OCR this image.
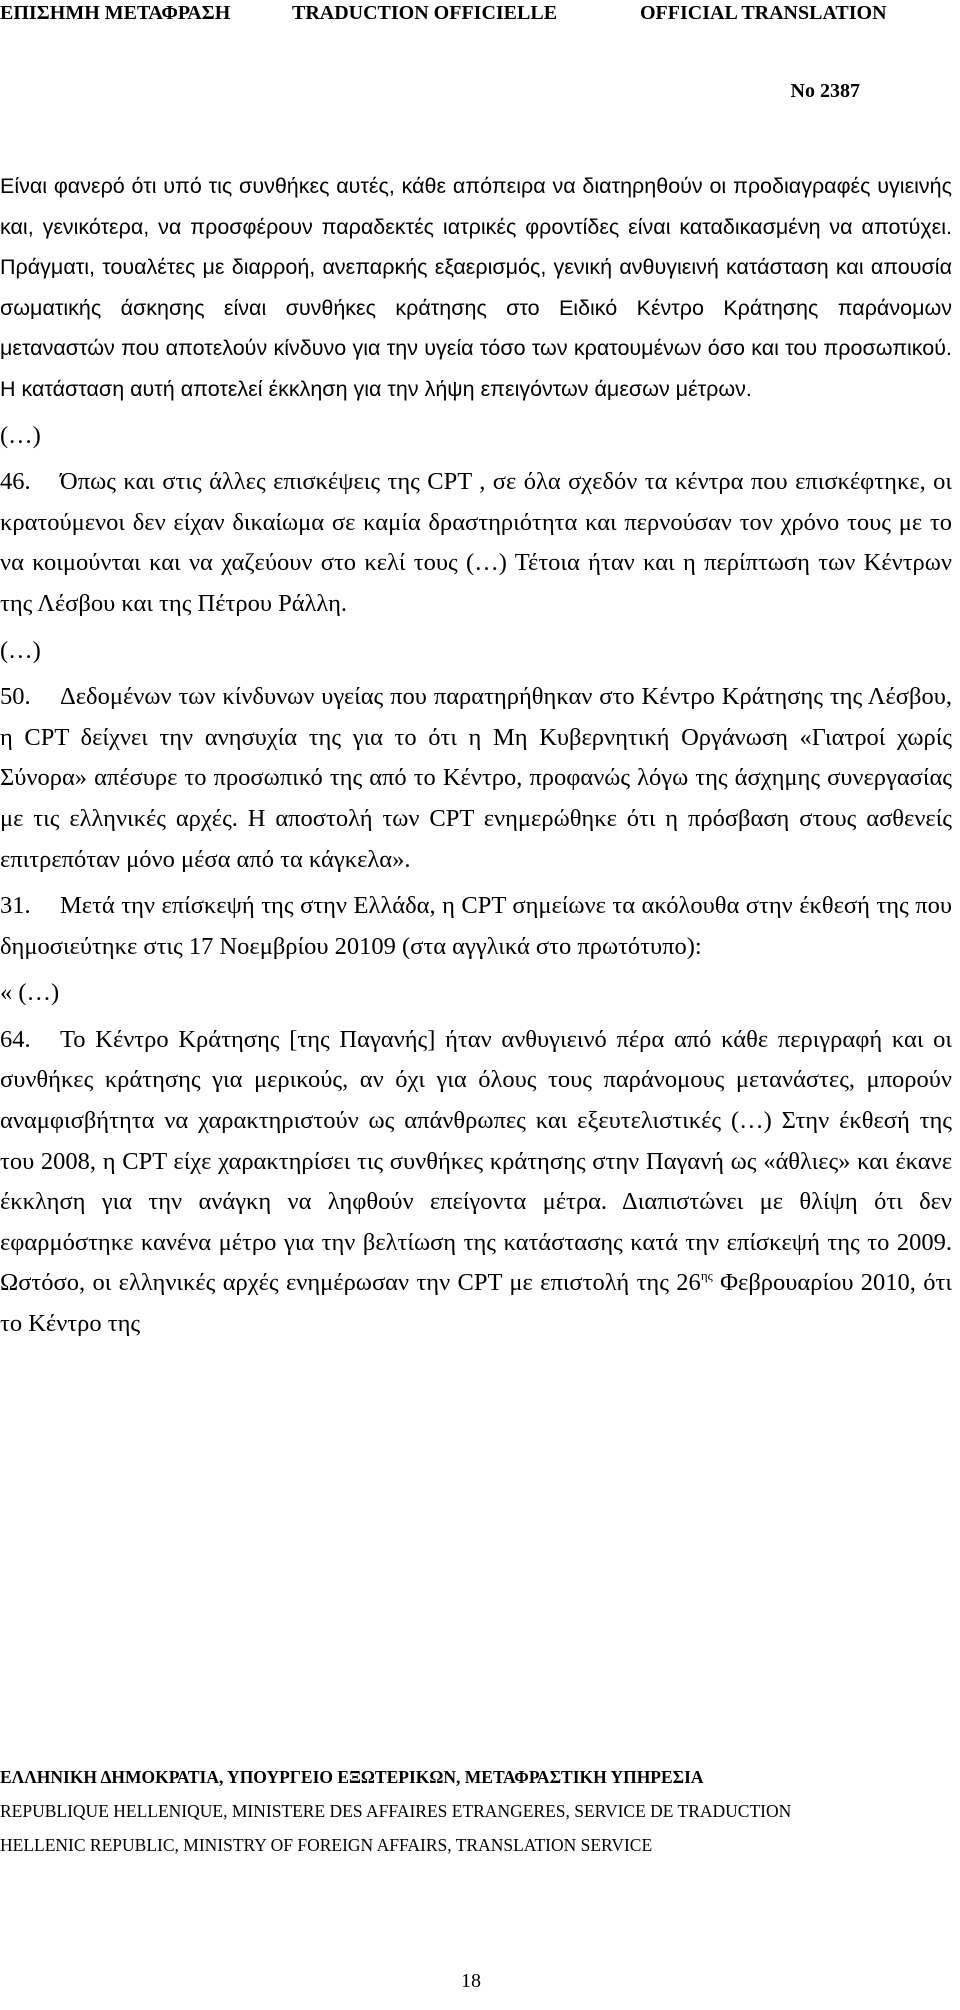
ΕΠΙΣΗΜΗ ΜΕΤΑΦΡΑΣΗ	TRADUCTION OFFICIELLE	OFFICIAL TRANSLATION
No 2387

Είναι φανερό ότι υπό τις συνθήκες αυτές, κάθε απόπειρα να διατηρηθούν οι προδιαγραφές υγιεινής και, γενικότερα, να προσφέρουν παραδεκτές ιατρικές φροντίδες είναι καταδικασμένη να αποτύχει. Πράγματι, τουαλέτες με διαρροή, ανεπαρκής εξαερισμός, γενική ανθυγιεινή κατάσταση και απουσία σωματικής άσκησης είναι συνθήκες κράτησης στο Ειδικό Κέντρο Κράτησης παράνομων μεταναστών που αποτελούν κίνδυνο για την υγεία τόσο των κρατουμένων όσο και του προσωπικού. Η κατάσταση αυτή αποτελεί έκκληση για την λήψη επειγόντων άμεσων μέτρων.

(…)

46. Όπως και στις άλλες επισκέψεις της CPT , σε όλα σχεδόν τα κέντρα που επισκέφτηκε, οι κρατούμενοι δεν είχαν δικαίωμα σε καμία δραστηριότητα και περνούσαν τον χρόνο τους με το να κοιμούνται και να χαζεύουν στο κελί τους (…) Τέτοια ήταν και η περίπτωση των Κέντρων της Λέσβου και της Πέτρου Ράλλη.

(…)

50. Δεδομένων των κίνδυνων υγείας που παρατηρήθηκαν στο Κέντρο Κράτησης της Λέσβου, η CPT δείχνει την ανησυχία της για το ότι η Μη Κυβερνητική Οργάνωση «Γιατροί χωρίς Σύνορα» απέσυρε το προσωπικό της από το Κέντρο, προφανώς λόγω της άσχημης συνεργασίας με τις ελληνικές αρχές. Η αποστολή των CPT ενημερώθηκε ότι η πρόσβαση στους ασθενείς επιτρεπόταν μόνο μέσα από τα κάγκελα».

31. Μετά την επίσκεψή της στην Ελλάδα, η CPT σημείωνε τα ακόλουθα στην έκθεσή της που δημοσιεύτηκε στις 17 Νοεμβρίου 20109 (στα αγγλικά στο πρωτότυπο):

« (…)

64. Το Κέντρο Κράτησης [της Παγανής] ήταν ανθυγιεινό πέρα από κάθε περιγραφή και οι συνθήκες κράτησης για μερικούς, αν όχι για όλους τους παράνομους μετανάστες, μπορούν αναμφισβήτητα να χαρακτηριστούν ως απάνθρωπες και εξευτελιστικές (…) Στην έκθεσή της του 2008, η CPT είχε χαρακτηρίσει τις συνθήκες κράτησης στην Παγανή ως «άθλιες» και έκανε έκκληση για την ανάγκη να ληφθούν επείγοντα μέτρα. Διαπιστώνει με θλίψη ότι δεν εφαρμόστηκε κανένα μέτρο για την βελτίωση της κατάστασης κατά την επίσκεψή της το 2009. Ωστόσο, οι ελληνικές αρχές ενημέρωσαν την CPT με επιστολή της $26^{\eta\varsigma}$ Φεβρουαρίου 2010, ότι το Κέντρο της

ΕΛΛΗΝΙΚΗ ΔΗΜΟΚΡΑΤΙΑ, ΥΠΟΥΡΓΕΙΟ ΕΞΩΤΕΡΙΚΩΝ, ΜΕΤΑΦΡΑΣΤΙΚΗ ΥΠΗΡΕΣΙΑ
REPUBLIQUE HELLENIQUE, MINISTERE DES AFFAIRES ETRANGERES, SERVICE DE TRADUCTION
HELLENIC REPUBLIC, MINISTRY OF FOREIGN AFFAIRS, TRANSLATION SERVICE
18
